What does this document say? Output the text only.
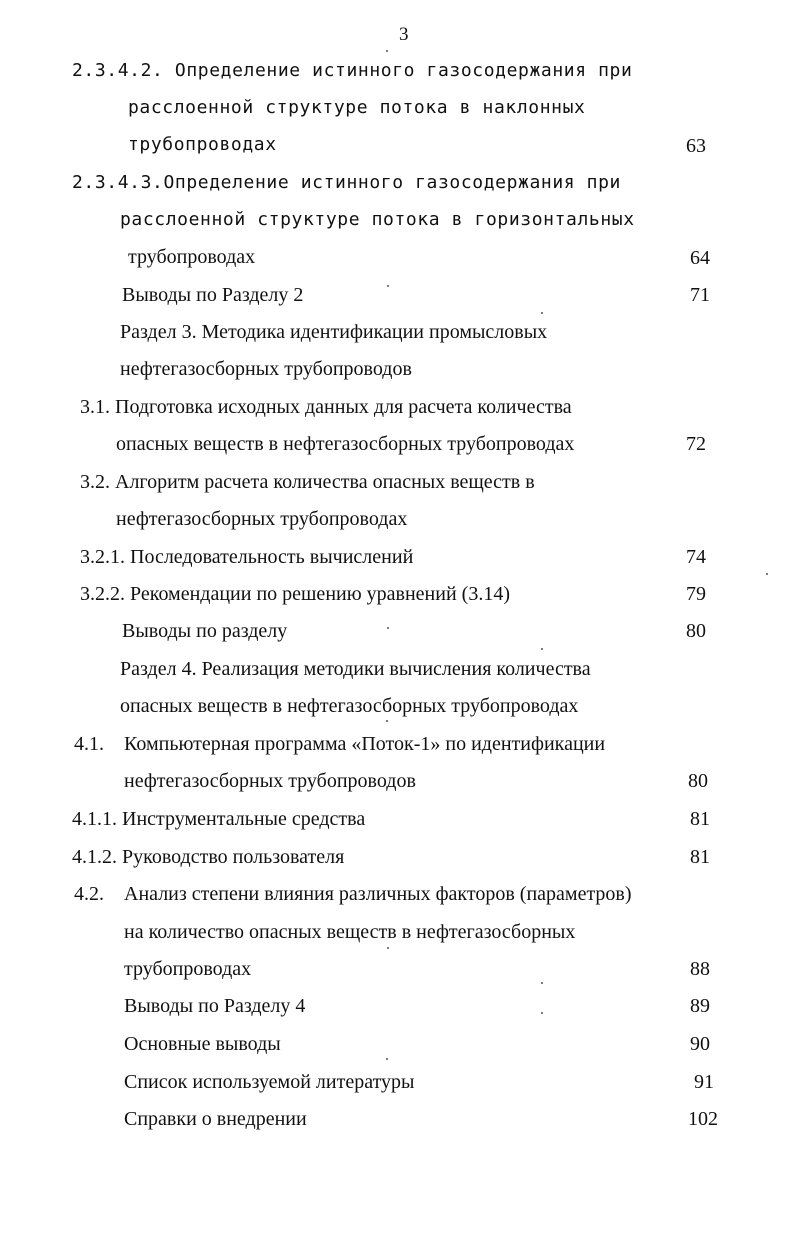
3
2.3.4.2. Определение истинного газосодержания при
расслоенной структуре потока в наклонных
трубопроводах	63
2.3.4.3.Определение истинного газосодержания при
расслоенной структуре потока в горизонтальных
трубопроводах	64
Выводы по Разделу 2	71
Раздел 3. Методика идентификации промысловых
нефтегазосборных трубопроводов
3.1. Подготовка исходных данных для расчета количества
опасных веществ в нефтегазосборных трубопроводах	72
3.2. Алгоритм расчета количества опасных веществ в
нефтегазосборных трубопроводах
3.2.1. Последовательность вычислений	74
3.2.2. Рекомендации по решению уравнений (3.14)	79
Выводы по разделу	80
Раздел 4. Реализация методики вычисления количества
опасных веществ в нефтегазосборных трубопроводах
4.1. Компьютерная программа «Поток-1» по идентификации
нефтегазосборных трубопроводов	80
4.1.1. Инструментальные средства	81
4.1.2. Руководство пользователя	81
4.2. Анализ степени влияния различных факторов (параметров)
на количество опасных веществ в нефтегазосборных
трубопроводах	88
Выводы по Разделу 4	89
Основные выводы	90
Список используемой литературы	91
Справки о внедрении	102
